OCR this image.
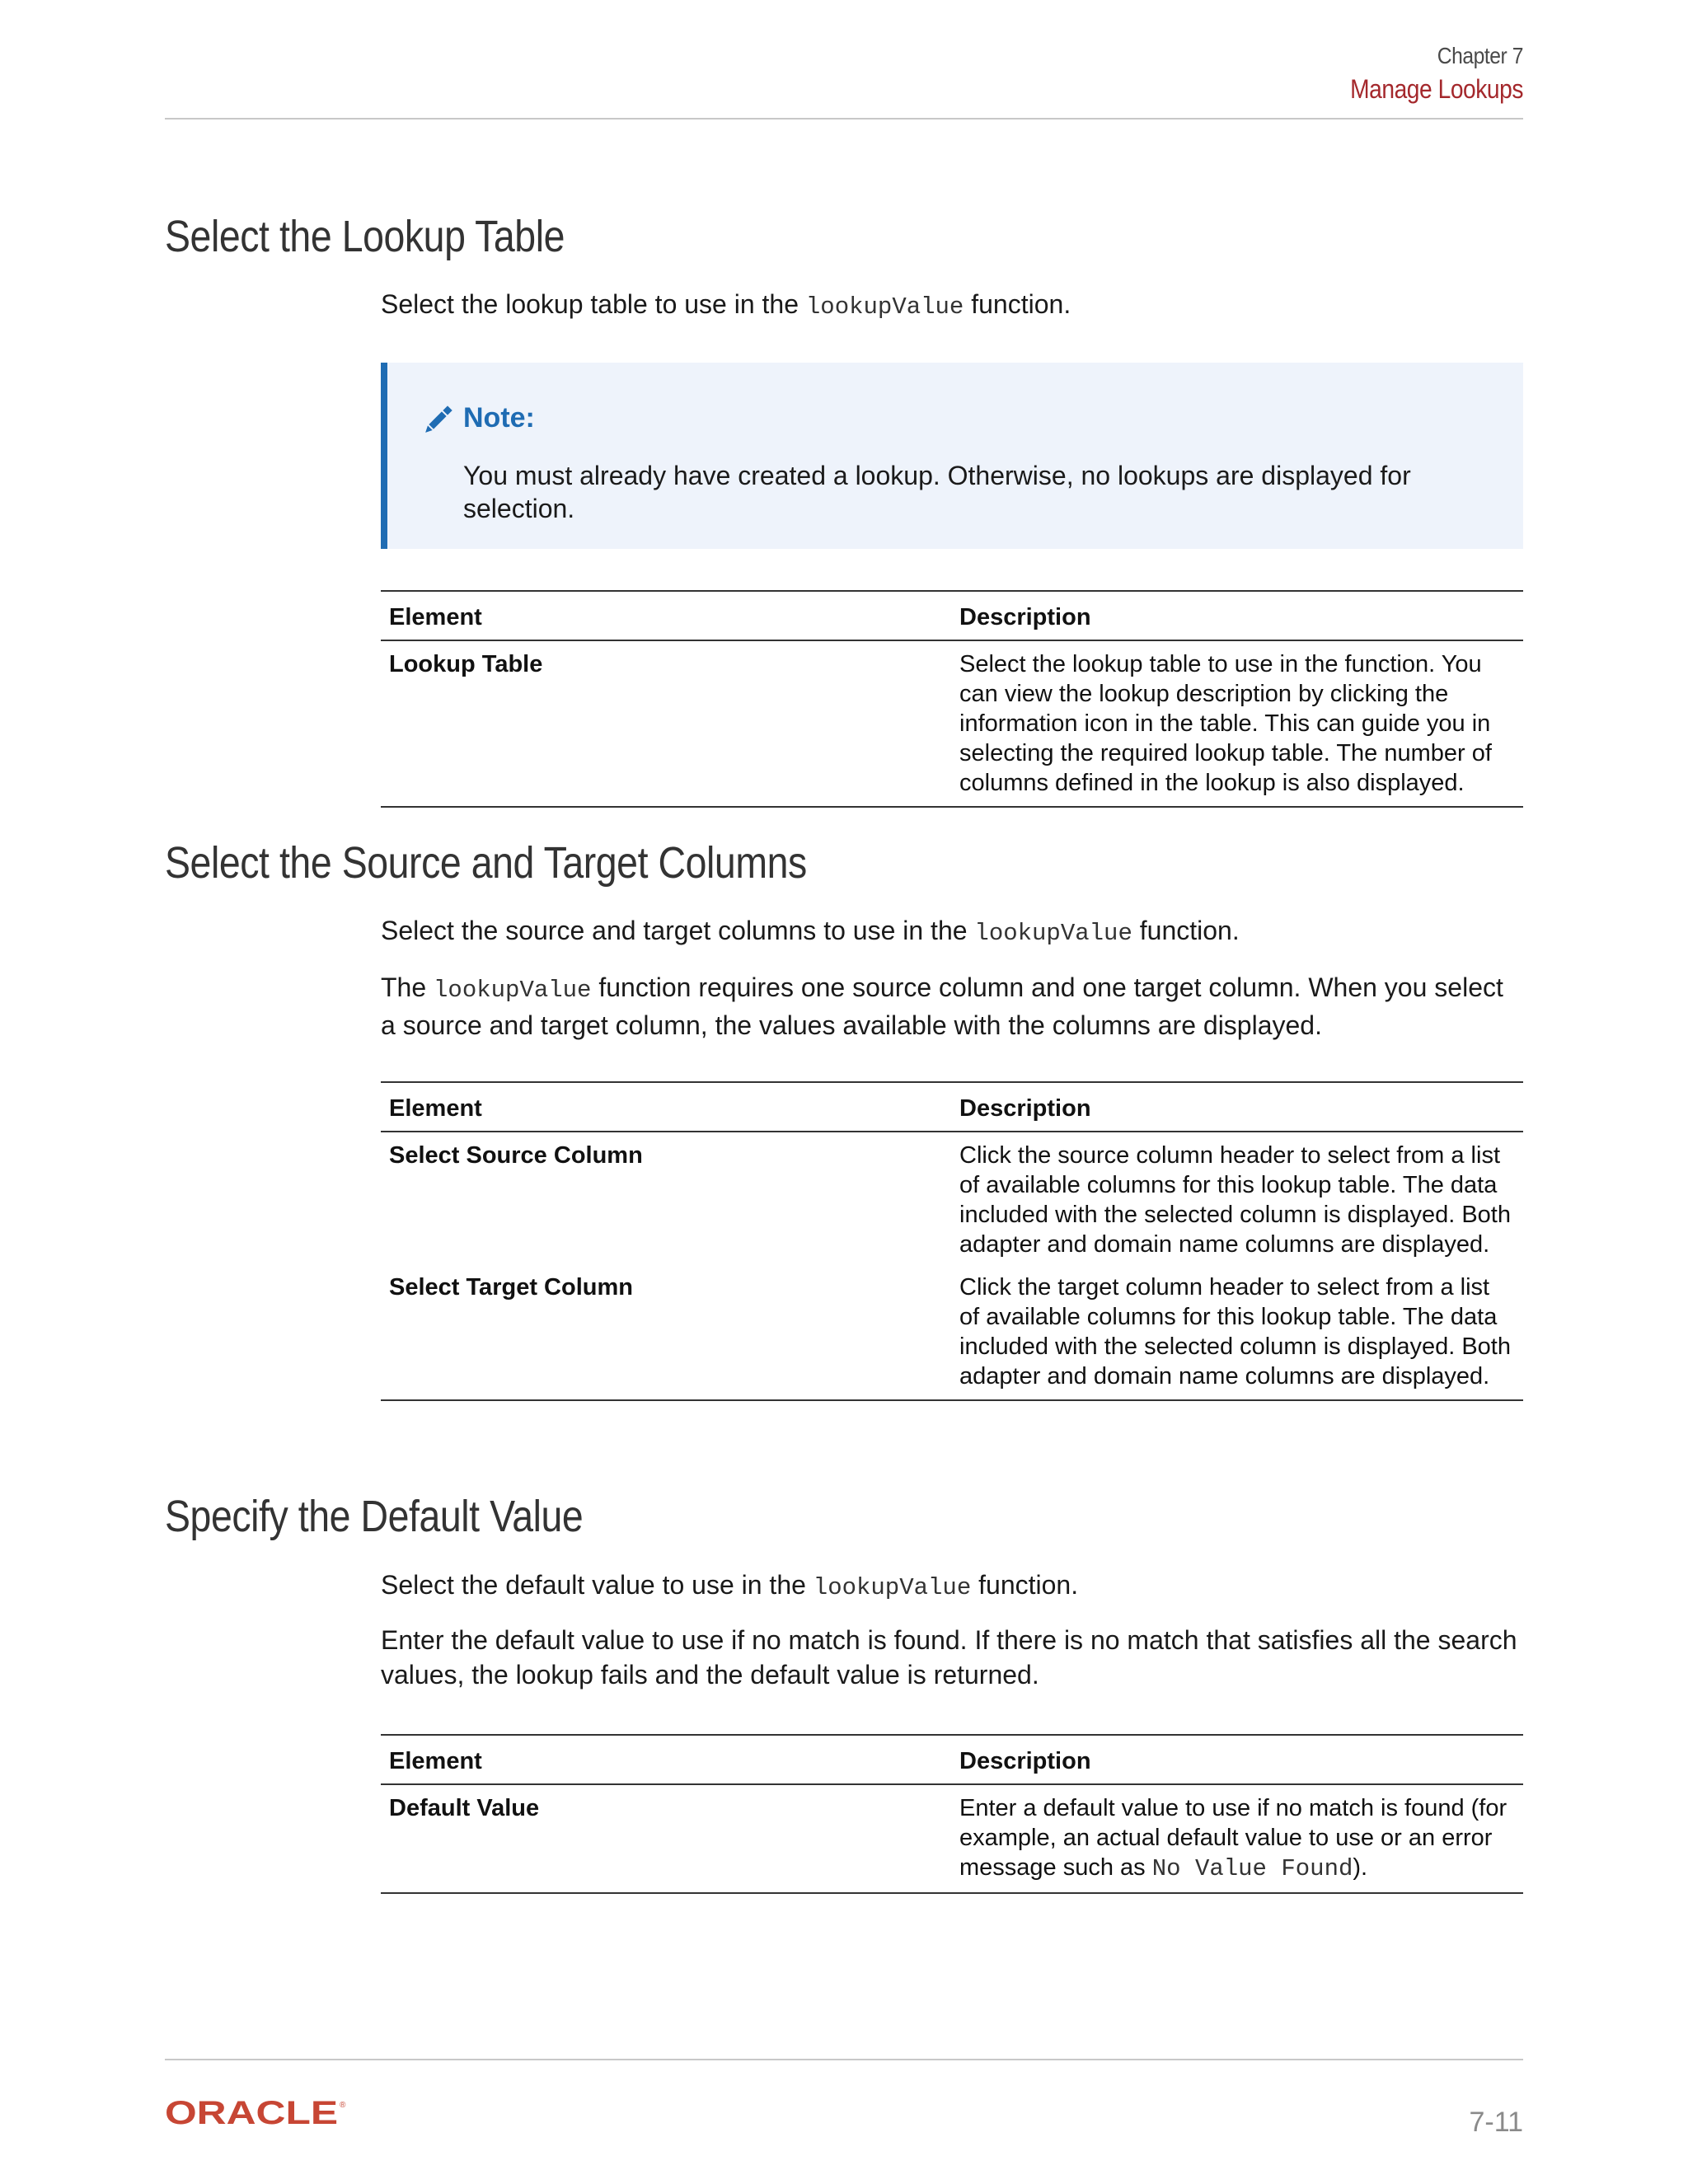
Chapter 7
Manage Lookups
Select the Lookup Table

Select the lookup table to use in the lookupValue function.

Note:
You must already have created a lookup. Otherwise, no lookups are displayed for selection.
Element	Description
Lookup Table	Select the lookup table to use in the function. You can view the lookup description by clicking the information icon in the table. This can guide you in selecting the required lookup table. The number of columns defined in the lookup is also displayed.
Select the Source and Target Columns

Select the source and target columns to use in the lookupValue function.

The lookupValue function requires one source column and one target column. When you select a source and target column, the values available with the columns are displayed.

Element	Description
Select Source Column	Click the source column header to select from a list of available columns for this lookup table. The data included with the selected column is displayed. Both adapter and domain name columns are displayed.
Select Target Column	Click the target column header to select from a list of available columns for this lookup table. The data included with the selected column is displayed. Both adapter and domain name columns are displayed.
Specify the Default Value

Select the default value to use in the lookupValue function.

Enter the default value to use if no match is found. If there is no match that satisfies all the search values, the lookup fails and the default value is returned.

Element	Description
Default Value	Enter a default value to use if no match is found (for example, an actual default value to use or an error message such as No Value Found).
ORACLE ®
7-11
